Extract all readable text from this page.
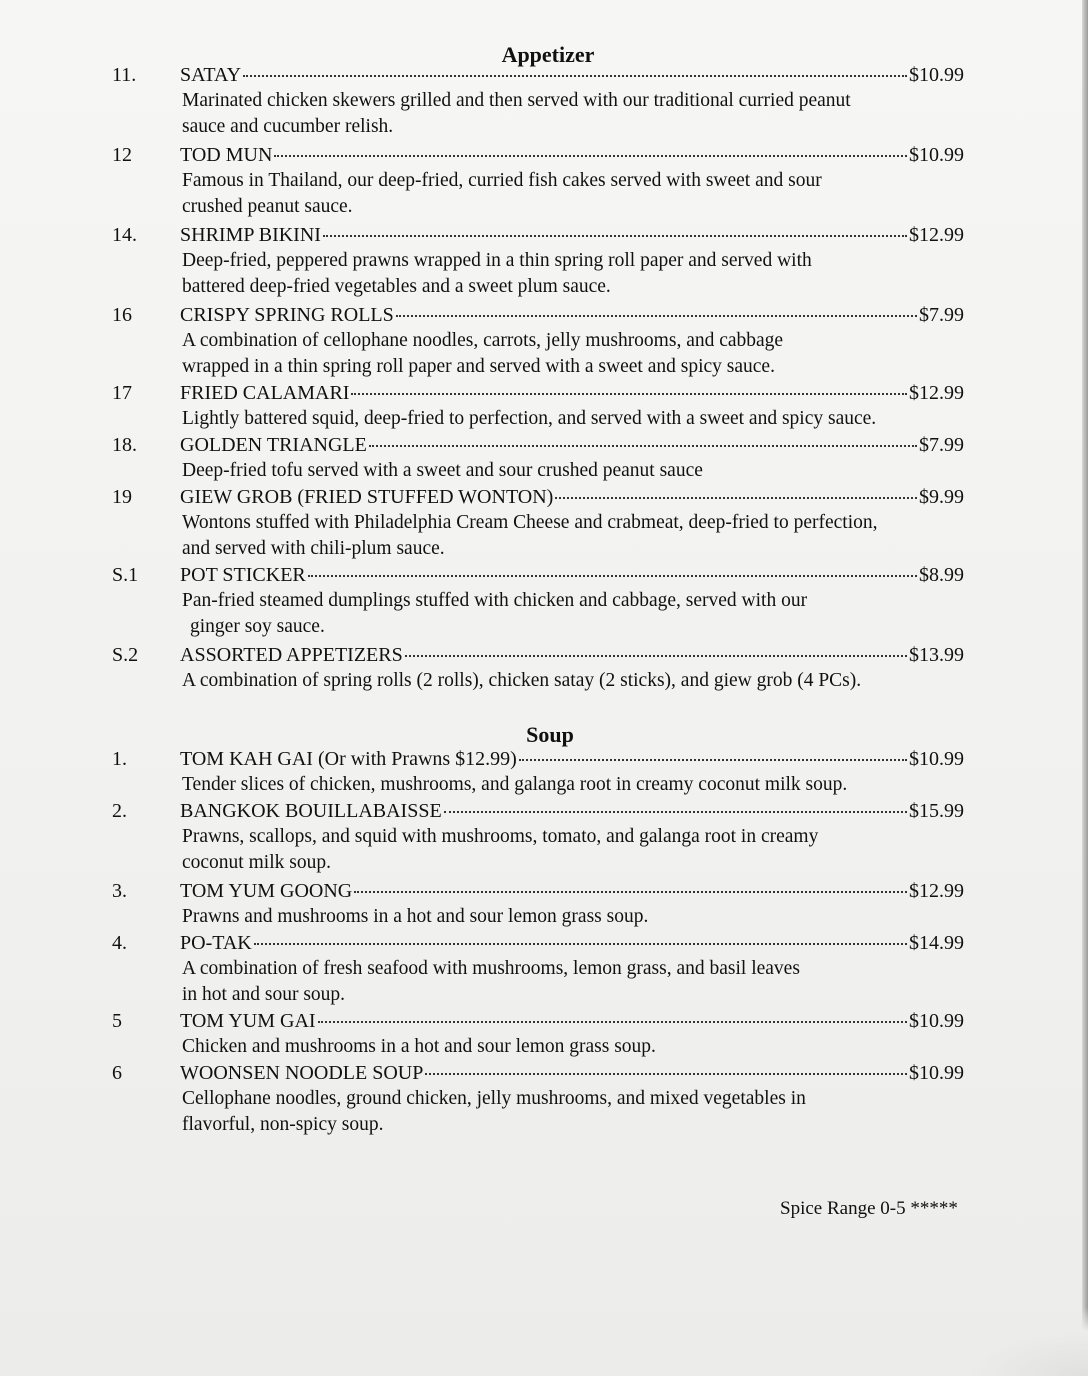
Appetizer
11.	SATAY	$10.99
Marinated chicken skewers grilled and then served with our traditional curried peanut
sauce and cucumber relish.
12	TOD MUN	$10.99
Famous in Thailand, our deep-fried, curried fish cakes served with sweet and sour
crushed peanut sauce.
14.	SHRIMP BIKINI	$12.99
Deep-fried, peppered prawns wrapped in a thin spring roll paper and served with
battered deep-fried vegetables and a sweet plum sauce.
16	CRISPY SPRING ROLLS	$7.99
A combination of cellophane noodles, carrots, jelly mushrooms, and cabbage
wrapped in a thin spring roll paper and served with a sweet and spicy sauce.
17	FRIED CALAMARI	$12.99
Lightly battered squid, deep-fried to perfection, and served with a sweet and spicy sauce.
18.	GOLDEN TRIANGLE	$7.99
Deep-fried tofu served with a sweet and sour crushed peanut sauce
19	GIEW GROB (FRIED STUFFED WONTON)	$9.99
Wontons stuffed with Philadelphia Cream Cheese and crabmeat, deep-fried to perfection,
and served with chili-plum sauce.
S.1	POT STICKER	$8.99
Pan-fried steamed dumplings stuffed with chicken and cabbage, served with our
ginger soy sauce.
S.2	ASSORTED APPETIZERS	$13.99
A combination of spring rolls (2 rolls), chicken satay (2 sticks), and giew grob (4 PCs).
Soup
1.	TOM KAH GAI (Or with Prawns $12.99)	$10.99
Tender slices of chicken, mushrooms, and galanga root in creamy coconut milk soup.
2.	BANGKOK BOUILLABAISSE	$15.99
Prawns, scallops, and squid with mushrooms, tomato, and galanga root in creamy
coconut milk soup.
3.	TOM YUM GOONG	$12.99
Prawns and mushrooms in a hot and sour lemon grass soup.
4.	PO-TAK	$14.99
A combination of fresh seafood with mushrooms, lemon grass, and basil leaves
in hot and sour soup.
5	TOM YUM GAI	$10.99
Chicken and mushrooms in a hot and sour lemon grass soup.
6	WOONSEN NOODLE SOUP	$10.99
Cellophane noodles, ground chicken, jelly mushrooms, and mixed vegetables in
flavorful, non-spicy soup.
Spice Range 0-5 *****
